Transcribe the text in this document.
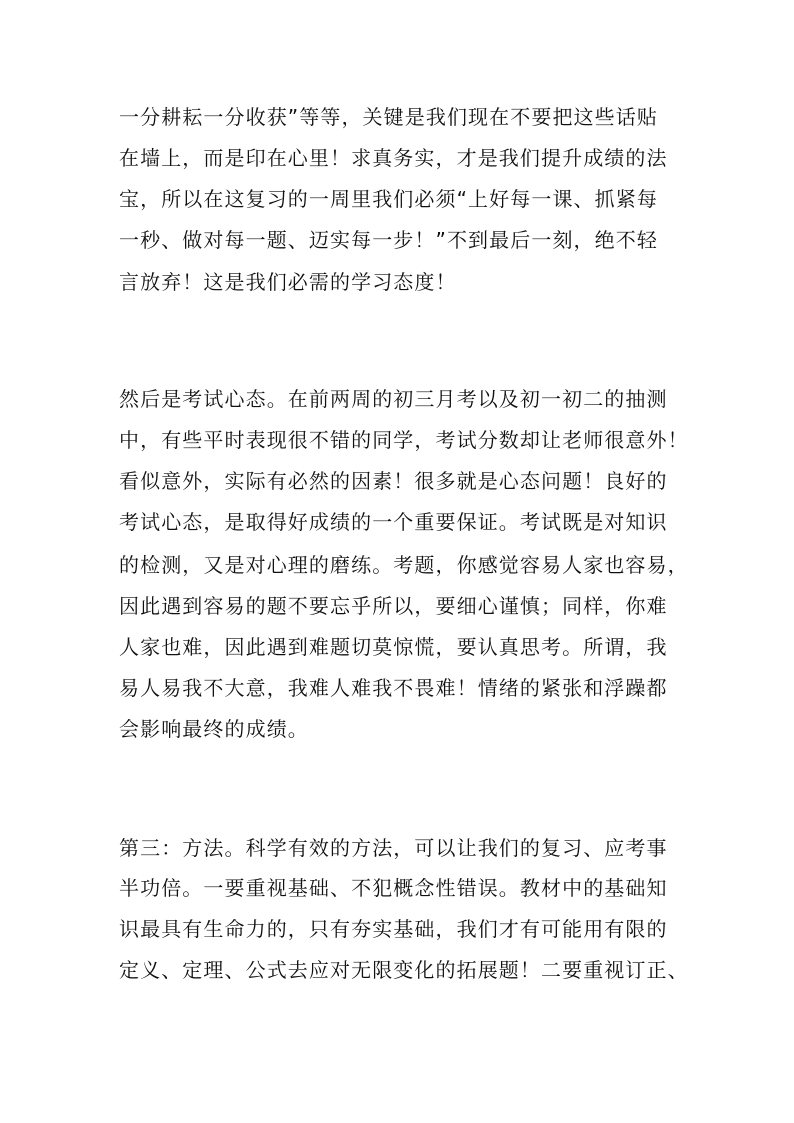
一分耕耘一分收获”等等，关键是我们现在不要把这些话贴
在墙上，而是印在心里！求真务实，才是我们提升成绩的法
宝，所以在这复习的一周里我们必须“上好每一课、抓紧每
一秒、做对每一题、迈实每一步！”不到最后一刻，绝不轻
言放弃！这是我们必需的学习态度！
然后是考试心态。在前两周的初三月考以及初一初二的抽测
中，有些平时表现很不错的同学，考试分数却让老师很意外！
看似意外，实际有必然的因素！很多就是心态问题！良好的
考试心态，是取得好成绩的一个重要保证。考试既是对知识
的检测，又是对心理的磨练。考题，你感觉容易人家也容易，
因此遇到容易的题不要忘乎所以，要细心谨慎；同样，你难
人家也难，因此遇到难题切莫惊慌，要认真思考。所谓，我
易人易我不大意，我难人难我不畏难！情绪的紧张和浮躁都
会影响最终的成绩。
第三：方法。科学有效的方法，可以让我们的复习、应考事
半功倍。一要重视基础、不犯概念性错误。教材中的基础知
识最具有生命力的，只有夯实基础，我们才有可能用有限的
定义、定理、公式去应对无限变化的拓展题！二要重视订正、
